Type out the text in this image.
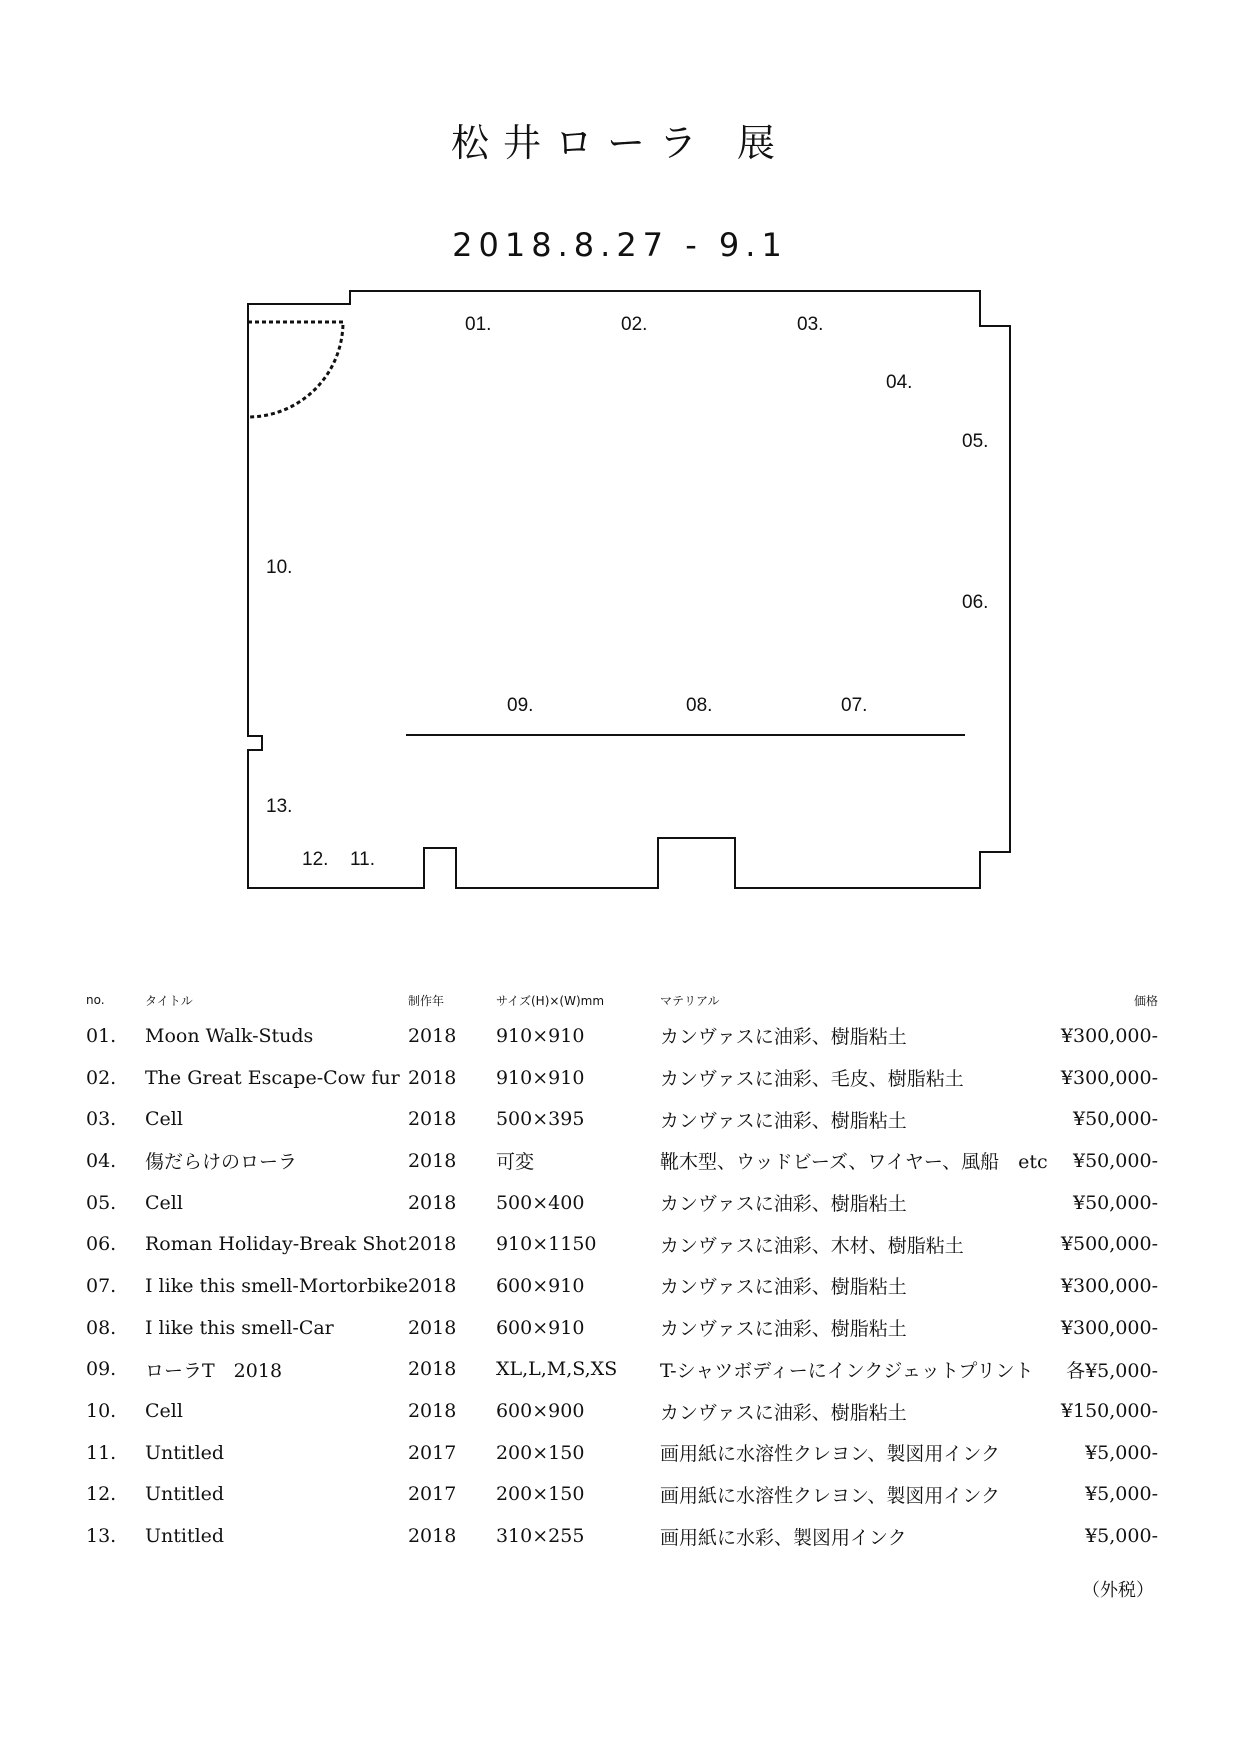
松井ローラ 展
2018.8.27 - 9.1
01.	02.	03.
04.
05.
06.
07.
08.
09.
10.
11.
12.
13.
no.	タイトル	制作年	サイズ(H)×(W)mm	マテリアル	価格
01.	Moon Walk-Studs	2018	910×910	カンヴァスに油彩、樹脂粘土	¥300,000-
02.	The Great Escape-Cow fur	2018	910×910	カンヴァスに油彩、毛皮、樹脂粘土	¥300,000-
03.	Cell	2018	500×395	カンヴァスに油彩、樹脂粘土	¥50,000-
04.	傷だらけのローラ	2018	可変	靴木型、ウッドビーズ、ワイヤー、風船　etc	¥50,000-
05.	Cell	2018	500×400	カンヴァスに油彩、樹脂粘土	¥50,000-
06.	Roman Holiday-Break Shot	2018	910×1150	カンヴァスに油彩、木材、樹脂粘土	¥500,000-
07.	I like this smell-Mortorbike	2018	600×910	カンヴァスに油彩、樹脂粘土	¥300,000-
08.	I like this smell-Car	2018	600×910	カンヴァスに油彩、樹脂粘土	¥300,000-
09.	ローラT　2018	2018	XL,L,M,S,XS	T-シャツボディーにインクジェットプリント	各¥5,000-
10.	Cell	2018	600×900	カンヴァスに油彩、樹脂粘土	¥150,000-
11.	Untitled	2017	200×150	画用紙に水溶性クレヨン、製図用インク	¥5,000-
12.	Untitled	2017	200×150	画用紙に水溶性クレヨン、製図用インク	¥5,000-
13.	Untitled	2018	310×255	画用紙に水彩、製図用インク	¥5,000-
（外税）
